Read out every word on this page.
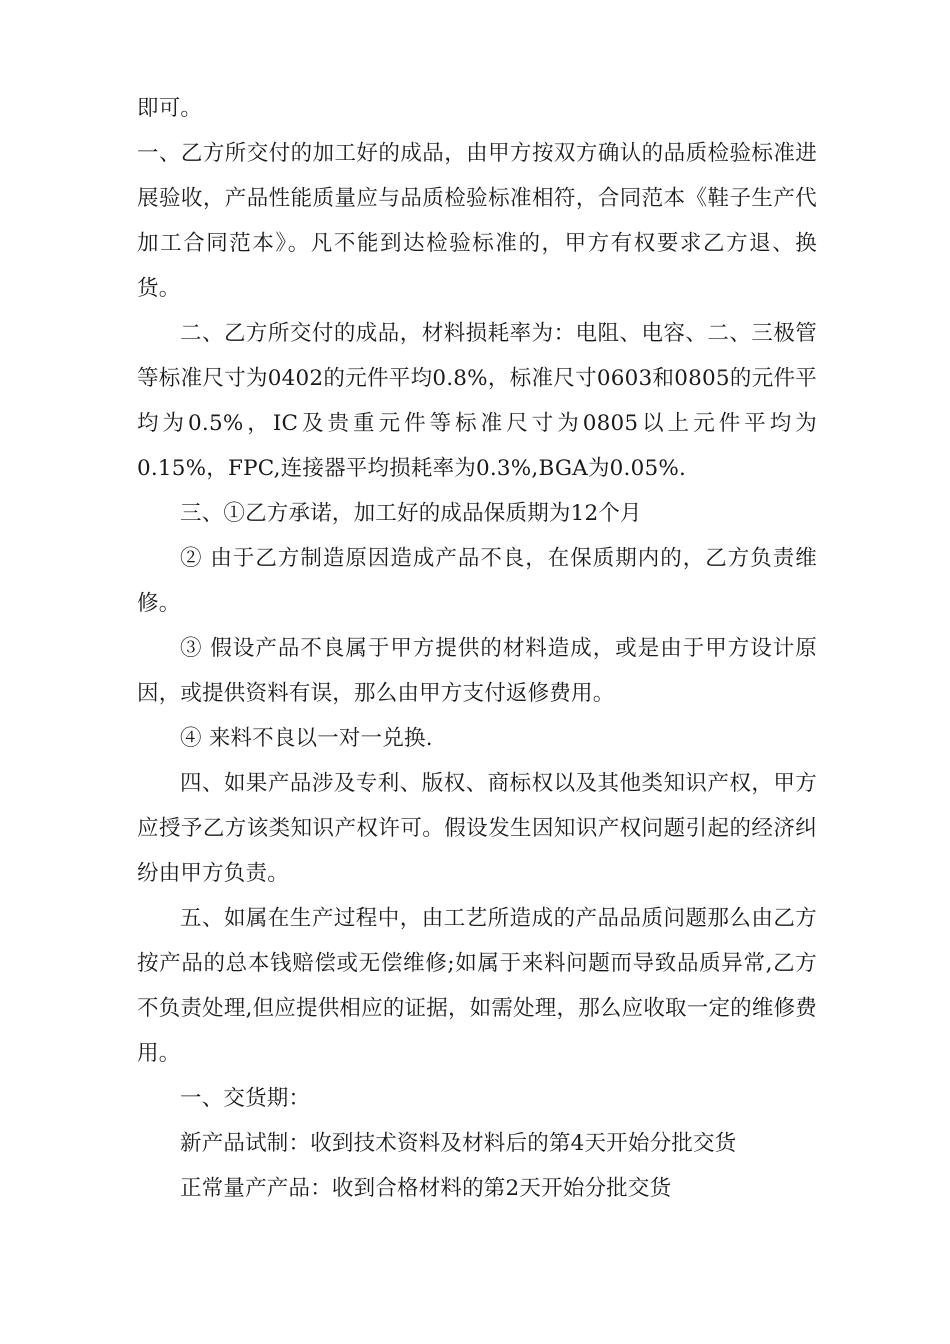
即可。

一、乙方所交付的加工好的成品，由甲方按双方确认的品质检验标准进展验收，产品性能质量应与品质检验标准相符，合同范本《鞋子生产代加工合同范本》。凡不能到达检验标准的，甲方有权要求乙方退、换货。

二、乙方所交付的成品，材料损耗率为：电阻、电容、二、三极管等标准尺寸为0402的元件平均0.8%，标准尺寸0603和0805的元件平均为0.5%，IC及贵重元件等标准尺寸为0805以上元件平均为0.15%，FPC,连接器平均损耗率为0.3%,BGA为0.05%.

三、①乙方承诺，加工好的成品保质期为12个月

② 由于乙方制造原因造成产品不良，在保质期内的，乙方负责维修。

③ 假设产品不良属于甲方提供的材料造成，或是由于甲方设计原因，或提供资料有误，那么由甲方支付返修费用。

④ 来料不良以一对一兑换.

四、如果产品涉及专利、版权、商标权以及其他类知识产权，甲方应授予乙方该类知识产权许可。假设发生因知识产权问题引起的经济纠纷由甲方负责。

五、如属在生产过程中，由工艺所造成的产品品质问题那么由乙方按产品的总本钱赔偿或无偿维修;如属于来料问题而导致品质异常,乙方不负责处理,但应提供相应的证据，如需处理，那么应收取一定的维修费用。

一、交货期：

新产品试制：收到技术资料及材料后的第4天开始分批交货

正常量产产品：收到合格材料的第2天开始分批交货
